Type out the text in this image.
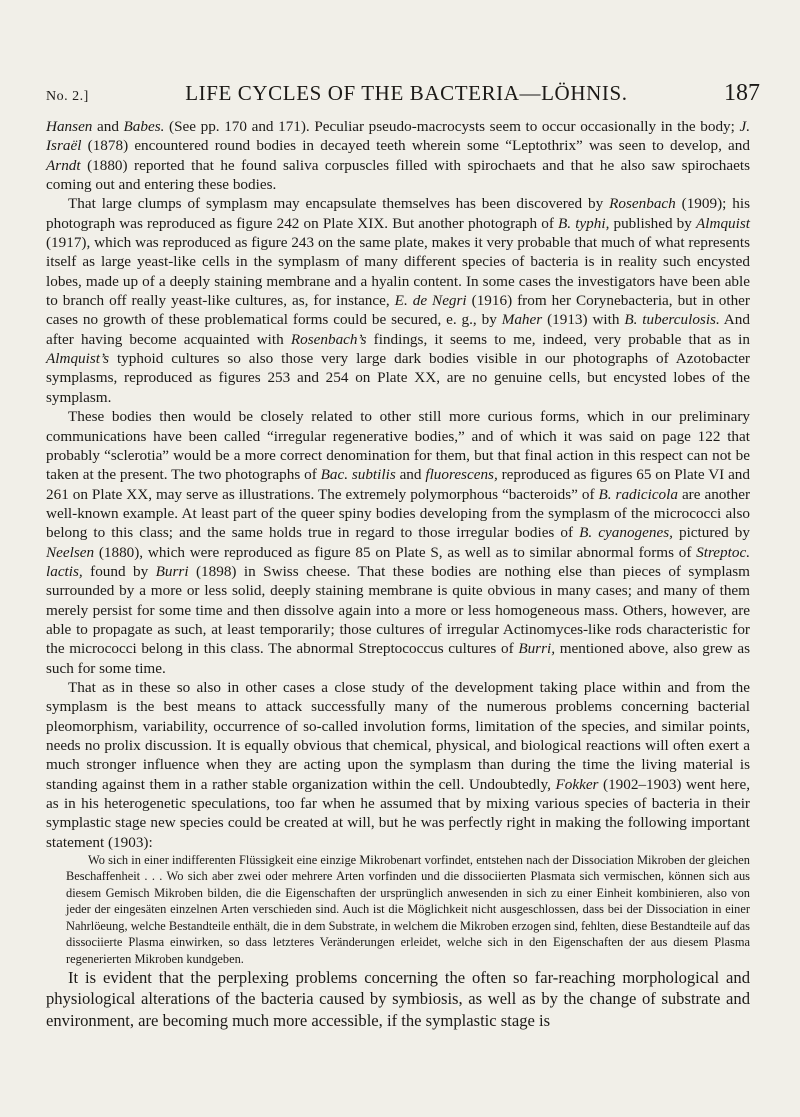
No. 2.]	LIFE CYCLES OF THE BACTERIA—LÖHNIS.	187

Hansen and Babes. (See pp. 170 and 171). Peculiar pseudo-macrocysts seem to occur occasionally in the body; J. Israël (1878) encountered round bodies in decayed teeth wherein some “Leptothrix” was seen to develop, and Arndt (1880) reported that he found saliva corpuscles filled with spirochaets and that he also saw spirochaets coming out and entering these bodies.

That large clumps of symplasm may encapsulate themselves has been discovered by Rosenbach (1909); his photograph was reproduced as figure 242 on Plate XIX. But another photograph of B. typhi, published by Almquist (1917), which was reproduced as figure 243 on the same plate, makes it very probable that much of what represents itself as large yeast-like cells in the symplasm of many different species of bacteria is in reality such encysted lobes, made up of a deeply staining membrane and a hyalin content. In some cases the investigators have been able to branch off really yeast-like cultures, as, for instance, E. de Negri (1916) from her Corynebacteria, but in other cases no growth of these problematical forms could be secured, e. g., by Maher (1913) with B. tuberculosis. And after having become acquainted with Rosenbach’s findings, it seems to me, indeed, very probable that as in Almquist’s typhoid cultures so also those very large dark bodies visible in our photographs of Azotobacter symplasms, reproduced as figures 253 and 254 on Plate XX, are no genuine cells, but encysted lobes of the symplasm.

These bodies then would be closely related to other still more curious forms, which in our preliminary communications have been called “irregular regenerative bodies,” and of which it was said on page 122 that probably “sclerotia” would be a more correct denomination for them, but that final action in this respect can not be taken at the present. The two photographs of Bac. subtilis and fluorescens, reproduced as figures 65 on Plate VI and 261 on Plate XX, may serve as illustrations. The extremely polymorphous “bacteroids” of B. radicicola are another well-known example. At least part of the queer spiny bodies developing from the symplasm of the micrococci also belong to this class; and the same holds true in regard to those irregular bodies of B. cyanogenes, pictured by Neelsen (1880), which were reproduced as figure 85 on Plate S, as well as to similar abnormal forms of Streptoc. lactis, found by Burri (1898) in Swiss cheese. That these bodies are nothing else than pieces of symplasm surrounded by a more or less solid, deeply staining membrane is quite obvious in many cases; and many of them merely persist for some time and then dissolve again into a more or less homogeneous mass. Others, however, are able to propagate as such, at least temporarily; those cultures of irregular Actinomyces-like rods characteristic for the micrococci belong in this class. The abnormal Streptococcus cultures of Burri, mentioned above, also grew as such for some time.

That as in these so also in other cases a close study of the development taking place within and from the symplasm is the best means to attack successfully many of the numerous problems concerning bacterial pleomorphism, variability, occurrence of so-called involution forms, limitation of the species, and similar points, needs no prolix discussion. It is equally obvious that chemical, physical, and biological reactions will often exert a much stronger influence when they are acting upon the symplasm than during the time the living material is standing against them in a rather stable organization within the cell. Undoubtedly, Fokker (1902–1903) went here, as in his heterogenetic speculations, too far when he assumed that by mixing various species of bacteria in their symplastic stage new species could be created at will, but he was perfectly right in making the following important statement (1903):

Wo sich in einer indifferenten Flüssigkeit eine einzige Mikrobenart vorfindet, entstehen nach der Dissociation Mikroben der gleichen Beschaffenheit . . . Wo sich aber zwei oder mehrere Arten vorfinden und die dissociierten Plasmata sich vermischen, können sich aus diesem Gemisch Mikroben bilden, die die Eigenschaften der ursprünglich anwesenden in sich zu einer Einheit kombinieren, also von jeder der eingesäten einzelnen Arten verschieden sind. Auch ist die Möglichkeit nicht ausgeschlossen, dass bei der Dissociation in einer Nahrlöeung, welche Bestandteile enthält, die in dem Substrate, in welchem die Mikroben erzogen sind, fehlten, diese Bestandteile auf das dissociierte Plasma einwirken, so dass letzteres Veränderungen erleidet, welche sich in den Eigenschaften der aus diesem Plasma regenerierten Mikroben kundgeben.

It is evident that the perplexing problems concerning the often so far-reaching morphological and physiological alterations of the bacteria caused by symbiosis, as well as by the change of substrate and environment, are becoming much more accessible, if the symplastic stage is
